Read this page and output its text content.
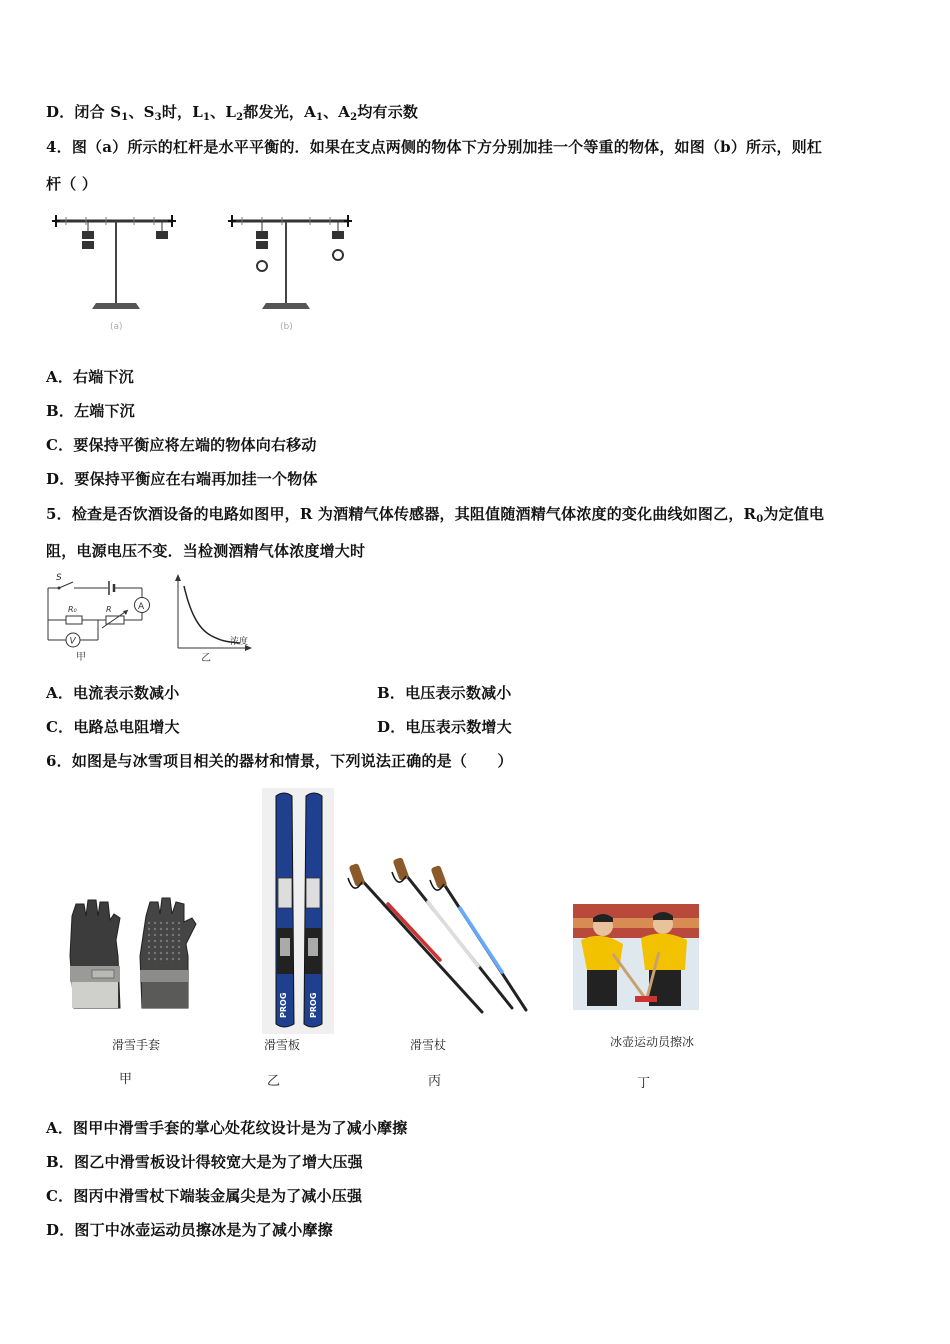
D．闭合 $S_1$、$S_3$时，$L_1$、$L_2$都发光，$A_1$、$A_2$均有示数
4．图（a）所示的杠杆是水平平衡的．如果在支点两侧的物体下方分别加挂一个等重的物体，如图（b）所示，则杠
杆（ ）
(a)	(b)
A．右端下沉
B．左端下沉
C．要保持平衡应将左端的物体向右移动
D．要保持平衡应在右端再加挂一个物体
5．检查是否饮酒设备的电路如图甲，R 为酒精气体传感器，其阻值随酒精气体浓度的变化曲线如图乙，$R_0$为定值电
阻，电源电压不变．当检测酒精气体浓度增大时
S
A
R₀	R
V
甲
浓度
乙
A．电流表示数减小	B．电压表示数减小
C．电路总电阻增大	D．电压表示数增大
6．如图是与冰雪项目相关的器材和情景，下列说法正确的是（　　）
PROG	PROG
滑雪手套	滑雪板	滑雪杖	冰壶运动员擦冰
甲	乙	丙	丁
A．图甲中滑雪手套的掌心处花纹设计是为了减小摩擦
B．图乙中滑雪板设计得较宽大是为了增大压强
C．图丙中滑雪杖下端装金属尖是为了减小压强
D．图丁中冰壶运动员擦冰是为了减小摩擦
